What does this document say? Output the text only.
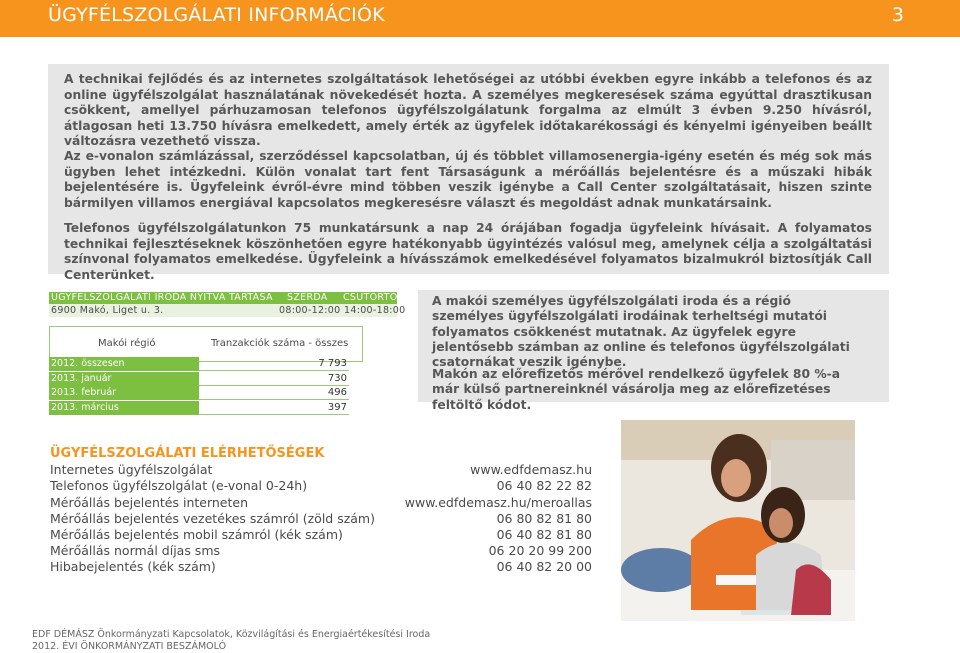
ÜGYFÉLSZOLGÁLATI INFORMÁCIÓK	3

A technikai fejlődés és az internetes szolgáltatások lehetőségei az utóbbi években egyre inkább a telefonos és az online ügyfélszolgálat használatának növekedését hozta. A személyes megkeresések száma egyúttal drasztikusan csökkent, amellyel párhuzamosan telefonos ügyfélszolgálatunk forgalma az elmúlt 3 évben 9.250 hívásról, átlagosan heti 13.750 hívásra emelkedett, amely érték az ügyfelek időtakarékossági és kényelmi igényeiben beállt változásra vezethető vissza.

Az e-vonalon számlázással, szerződéssel kapcsolatban, új és többlet villamosenergia-igény esetén és még sok más ügyben lehet intézkedni. Külön vonalat tart fent Társaságunk a mérőállás bejelentésre és a műszaki hibák bejelentésére is. Ügyfeleink évről-évre mind többen veszik igénybe a Call Center szolgáltatásait, hiszen szinte bármilyen villamos energiával kapcsolatos megkeresésre választ és megoldást adnak munkatársaink.

Telefonos ügyfélszolgálatunkon 75 munkatársunk a nap 24 órájában fogadja ügyfeleink hívásait. A folyamatos technikai fejlesztéseknek köszönhetően egyre hatékonyabb ügyintézés valósul meg, amelynek célja a szolgáltatási színvonal folyamatos emelkedése. Ügyfeleink a hívásszámok emelkedésével folyamatos bizalmukról biztosítják Call Centerünket.

ÜGYFÉLSZOLGÁLATI IRODA NYITVA TARTÁSA SZERDA CSÜTÖRTÖK
6900 Makó, Liget u. 3.	08:00-12:00 14:00-18:00
Makói régió	Tranzakciók száma - összes
2012. összesen	7 793
2013. január	730
2013. február	496
2013. március	397

A makói személyes ügyfélszolgálati iroda és a régió személyes ügyfélszolgálati irodáinak terheltségi mutatói folyamatos csökkenést mutatnak. Az ügyfelek egyre jelentősebb számban az online és telefonos ügyfélszolgálati csatornákat veszik igénybe.

Makón az előrefizetős mérővel rendelkező ügyfelek 80 %-a már külső partnereinknél vásárolja meg az előrefizetéses feltöltő kódot.

ÜGYFÉLSZOLGÁLATI ELÉRHETŐSÉGEK
Internetes ügyfélszolgálat	www.edfdemasz.hu
Telefonos ügyfélszolgálat (e-vonal 0-24h)	06 40 82 22 82
Mérőállás bejelentés interneten	www.edfdemasz.hu/meroallas
Mérőállás bejelentés vezetékes számról (zöld szám)	06 80 82 81 80
Mérőállás bejelentés mobil számról (kék szám)	06 40 82 81 80
Mérőállás normál díjas sms	06 20 20 99 200
Hibabejelentés (kék szám)	06 40 82 20 00
EDF DÉMÁSZ Önkormányzati Kapcsolatok, Közvilágítási és Energiaértékesítési Iroda
2012. ÉVI ÖNKORMÁNYZATI BESZÁMOLÓ
